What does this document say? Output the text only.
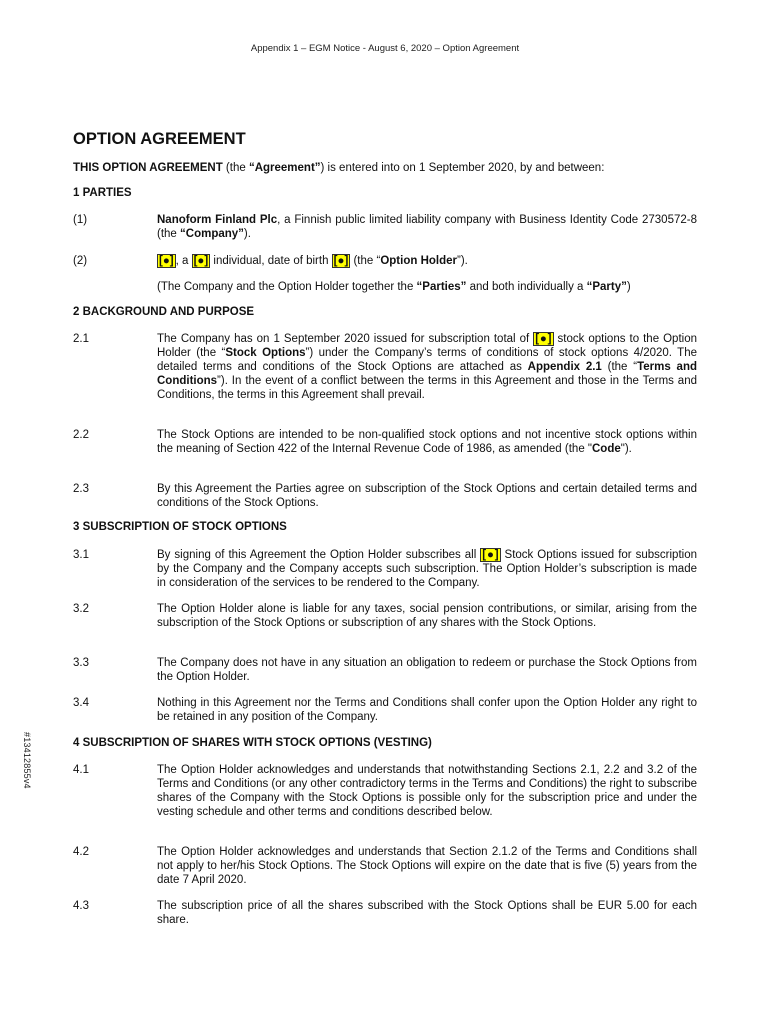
Appendix 1 – EGM Notice - August 6, 2020 – Option Agreement
#13412855v4
OPTION AGREEMENT
THIS OPTION AGREEMENT (the “Agreement”) is entered into on 1 September 2020, by and between:
1 PARTIES
(1)	Nanoform Finland Plc, a Finnish public limited liability company with Business Identity Code 2730572-8 (the “Company”).
(2)	[●] , a [●] individual, date of birth [●] (the “Option Holder”).
(The Company and the Option Holder together the “Parties” and both individually a “Party”)
2 BACKGROUND AND PURPOSE
2.1	The Company has on 1 September 2020 issued for subscription total of [●] stock options to the Option Holder (the “Stock Options”) under the Company’s terms of conditions of stock options 4/2020. The detailed terms and conditions of the Stock Options are attached as Appendix 2.1 (the “Terms and Conditions”). In the event of a conflict between the terms in this Agreement and those in the Terms and Conditions, the terms in this Agreement shall prevail.
2.2	The Stock Options are intended to be non-qualified stock options and not incentive stock options within the meaning of Section 422 of the Internal Revenue Code of 1986, as amended (the "Code").
2.3	By this Agreement the Parties agree on subscription of the Stock Options and certain detailed terms and conditions of the Stock Options.
3 SUBSCRIPTION OF STOCK OPTIONS
3.1	By signing of this Agreement the Option Holder subscribes all [●] Stock Options issued for subscription by the Company and the Company accepts such subscription. The Option Holder’s subscription is made in consideration of the services to be rendered to the Company.
3.2	The Option Holder alone is liable for any taxes, social pension contributions, or similar, arising from the subscription of the Stock Options or subscription of any shares with the Stock Options.
3.3	The Company does not have in any situation an obligation to redeem or purchase the Stock Options from the Option Holder.
3.4	Nothing in this Agreement nor the Terms and Conditions shall confer upon the Option Holder any right to be retained in any position of the Company.
4 SUBSCRIPTION OF SHARES WITH STOCK OPTIONS (VESTING)
4.1	The Option Holder acknowledges and understands that notwithstanding Sections 2.1, 2.2 and 3.2 of the Terms and Conditions (or any other contradictory terms in the Terms and Conditions) the right to subscribe shares of the Company with the Stock Options is possible only for the subscription price and under the vesting schedule and other terms and conditions described below.
4.2	The Option Holder acknowledges and understands that Section 2.1.2 of the Terms and Conditions shall not apply to her/his Stock Options. The Stock Options will expire on the date that is five (5) years from the date 7 April 2020.
4.3	The subscription price of all the shares subscribed with the Stock Options shall be EUR 5.00 for each share.
